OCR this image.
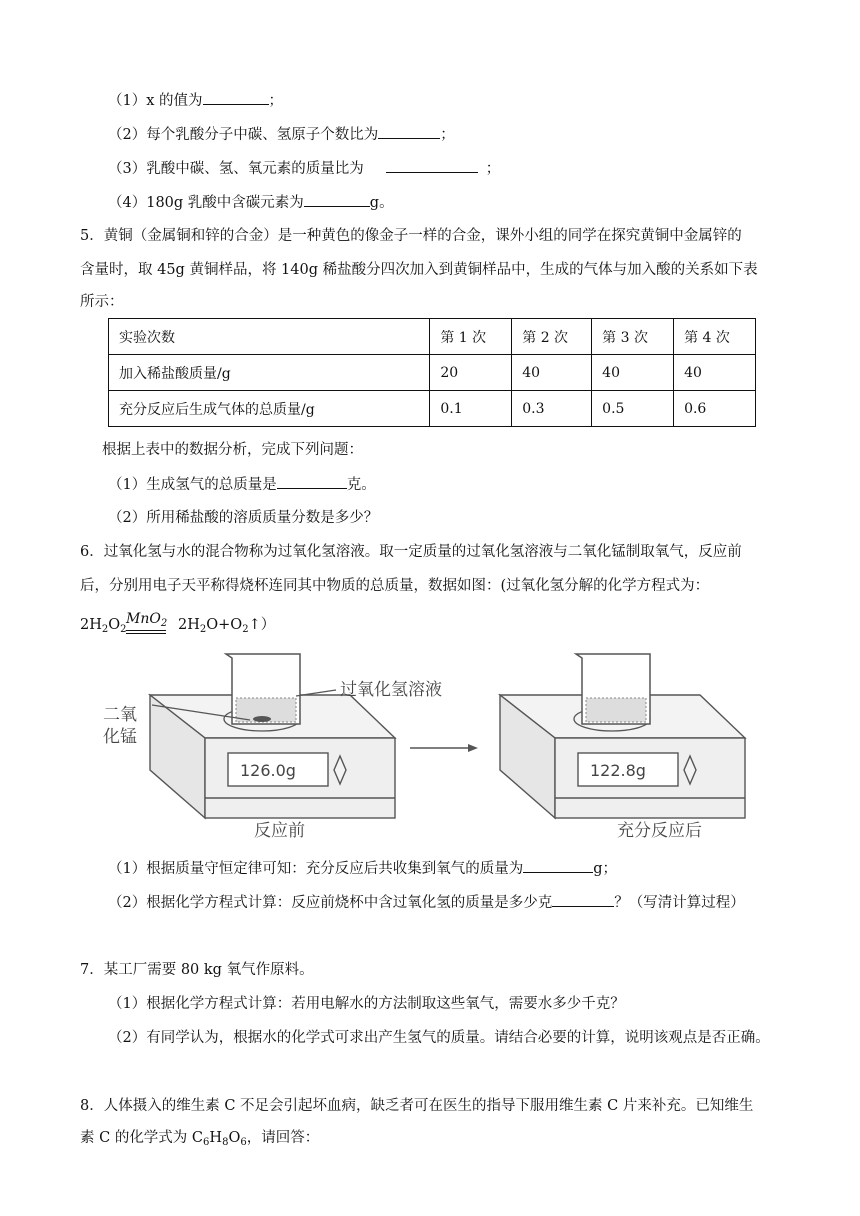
（1）x 的值为	；
（2）每个乳酸分子中碳、氢原子个数比为	；
（3）乳酸中碳、氢、氧元素的质量比为	；
（4）180g 乳酸中含碳元素为	g。
5．黄铜（金属铜和锌的合金）是一种黄色的像金子一样的合金，课外小组的同学在探究黄铜中金属锌的
含量时，取 45g 黄铜样品，将 140g 稀盐酸分四次加入到黄铜样品中，生成的气体与加入酸的关系如下表
所示：
实验次数	第 1 次	第 2 次	第 3 次	第 4 次
加入稀盐酸质量/g	20	40	40	40
充分反应后生成气体的总质量/g	0.1	0.3	0.5	0.6
根据上表中的数据分析，完成下列问题：
（1）生成氢气的总质量是	克。
（2）所用稀盐酸的溶质质量分数是多少？
6．过氧化氢与水的混合物称为过氧化氢溶液。取一定质量的过氧化氢溶液与二氧化锰制取氧气，反应前
后，分别用电子天平称得烧杯连同其中物质的总质量，数据如图：(过氧化氢分解的化学方程式为：
$2H_2O_2$
MnO$_2$ $2H_2O+O_2↑$）
过氧化氢溶液
二氧
化锰
126.0g	122.8g
反应前	充分反应后
（1）根据质量守恒定律可知：充分反应后共收集到氧气的质量为	g；
（2）根据化学方程式计算：反应前烧杯中含过氧化氢的质量是多少克	？（写清计算过程）
7．某工厂需要 80 kg 氧气作原料。
（1）根据化学方程式计算：若用电解水的方法制取这些氧气，需要水多少千克？
（2）有同学认为，根据水的化学式可求出产生氢气的质量。请结合必要的计算，说明该观点是否正确。
8．人体摄入的维生素 C 不足会引起坏血病，缺乏者可在医生的指导下服用维生素 C 片来补充。已知维生
素 C 的化学式为 $C_6H_8O_6$，请回答：
